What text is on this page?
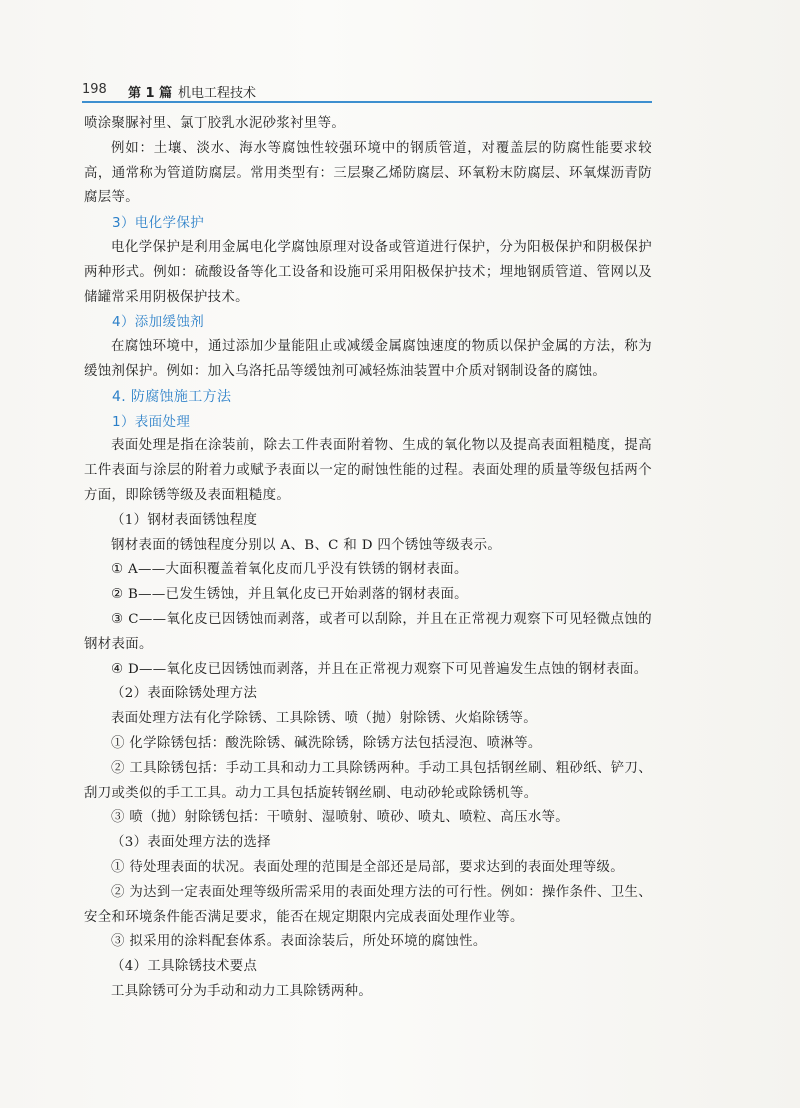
198 第 1 篇 机电工程技术

喷涂聚脲衬里、氯丁胶乳水泥砂浆衬里等。

例如：土壤、淡水、海水等腐蚀性较强环境中的钢质管道，对覆盖层的防腐性能要求较高，通常称为管道防腐层。常用类型有：三层聚乙烯防腐层、环氧粉末防腐层、环氧煤沥青防腐层等。

3）电化学保护

电化学保护是利用金属电化学腐蚀原理对设备或管道进行保护，分为阳极保护和阴极保护两种形式。例如：硫酸设备等化工设备和设施可采用阳极保护技术；埋地钢质管道、管网以及储罐常采用阴极保护技术。

4）添加缓蚀剂

在腐蚀环境中，通过添加少量能阻止或减缓金属腐蚀速度的物质以保护金属的方法，称为缓蚀剂保护。例如：加入乌洛托品等缓蚀剂可减轻炼油装置中介质对钢制设备的腐蚀。

4. 防腐蚀施工方法

1）表面处理

表面处理是指在涂装前，除去工件表面附着物、生成的氧化物以及提高表面粗糙度，提高工件表面与涂层的附着力或赋予表面以一定的耐蚀性能的过程。表面处理的质量等级包括两个方面，即除锈等级及表面粗糙度。

（1）钢材表面锈蚀程度

钢材表面的锈蚀程度分别以 A、B、C 和 D 四个锈蚀等级表示。

① A——大面积覆盖着氧化皮而几乎没有铁锈的钢材表面。

② B——已发生锈蚀，并且氧化皮已开始剥落的钢材表面。

③ C——氧化皮已因锈蚀而剥落，或者可以刮除，并且在正常视力观察下可见轻微点蚀的钢材表面。

④ D——氧化皮已因锈蚀而剥落，并且在正常视力观察下可见普遍发生点蚀的钢材表面。

（2）表面除锈处理方法

表面处理方法有化学除锈、工具除锈、喷（抛）射除锈、火焰除锈等。

① 化学除锈包括：酸洗除锈、碱洗除锈，除锈方法包括浸泡、喷淋等。

② 工具除锈包括：手动工具和动力工具除锈两种。手动工具包括钢丝刷、粗砂纸、铲刀、刮刀或类似的手工工具。动力工具包括旋转钢丝刷、电动砂轮或除锈机等。

③ 喷（抛）射除锈包括：干喷射、湿喷射、喷砂、喷丸、喷粒、高压水等。

（3）表面处理方法的选择

① 待处理表面的状况。表面处理的范围是全部还是局部，要求达到的表面处理等级。

② 为达到一定表面处理等级所需采用的表面处理方法的可行性。例如：操作条件、卫生、安全和环境条件能否满足要求，能否在规定期限内完成表面处理作业等。

③ 拟采用的涂料配套体系。表面涂装后，所处环境的腐蚀性。

（4）工具除锈技术要点

工具除锈可分为手动和动力工具除锈两种。
